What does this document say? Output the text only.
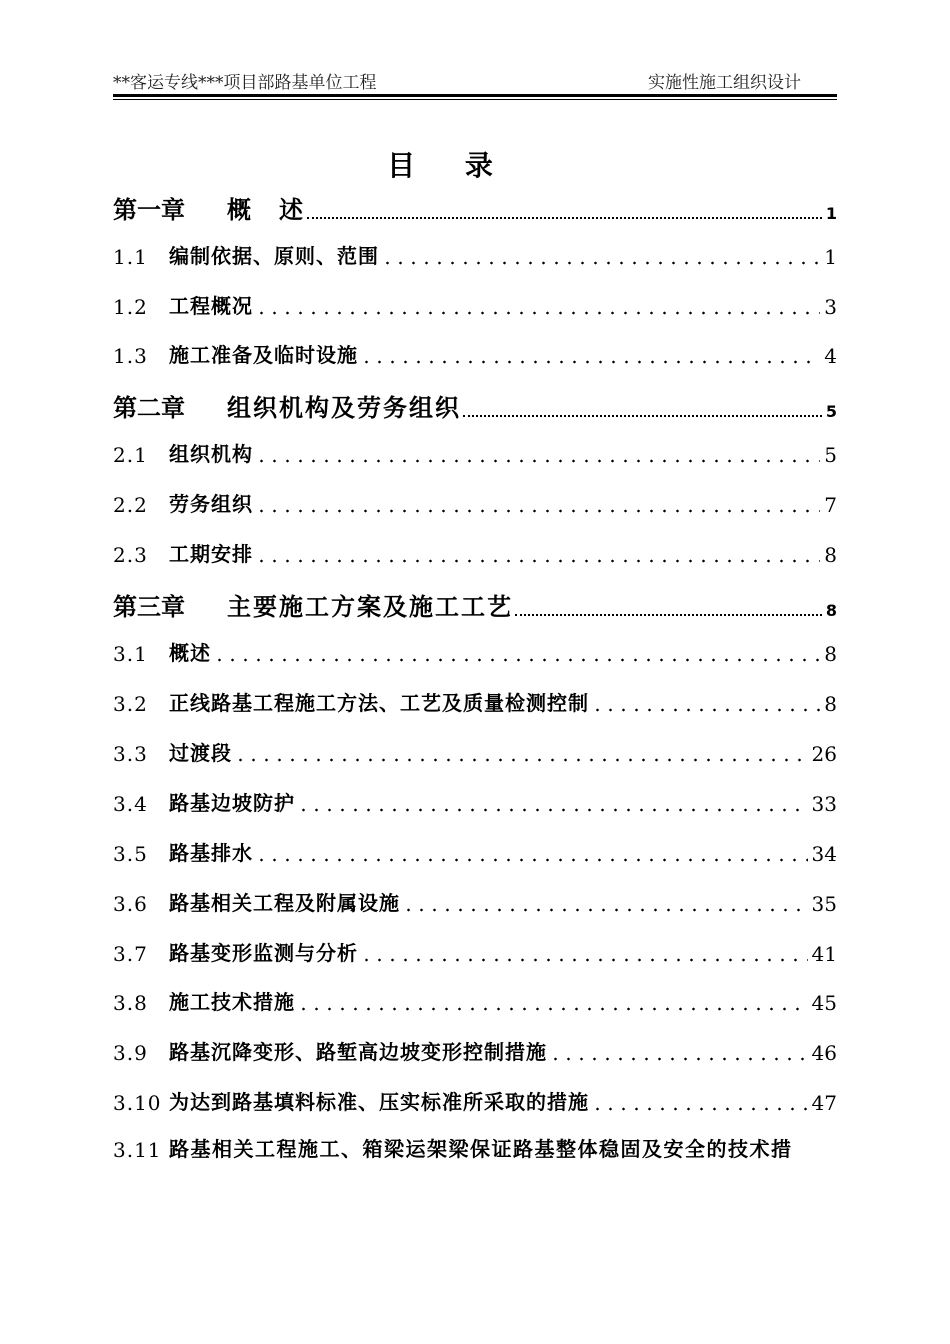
**客运专线***项目部路基单位工程	实施性施工组织设计
目 录
第一章	概　述	1
1.1	编制依据、原则、范围	1
1.2	工程概况	3
1.3	施工准备及临时设施	4
第二章	组织机构及劳务组织	5
2.1	组织机构	5
2.2	劳务组织	7
2.3	工期安排	8
第三章	主要施工方案及施工工艺	8
3.1	概述	8
3.2	正线路基工程施工方法、工艺及质量检测控制	8
3.3	过渡段	26
3.4	路基边坡防护	33
3.5	路基排水	34
3.6	路基相关工程及附属设施	35
3.7	路基变形监测与分析	41
3.8	施工技术措施	45
3.9	路基沉降变形、路堑高边坡变形控制措施	46
3.10 为达到路基填料标准、压实标准所采取的措施	47
3.11 路基相关工程施工、箱梁运架梁保证路基整体稳固及安全的技术措
